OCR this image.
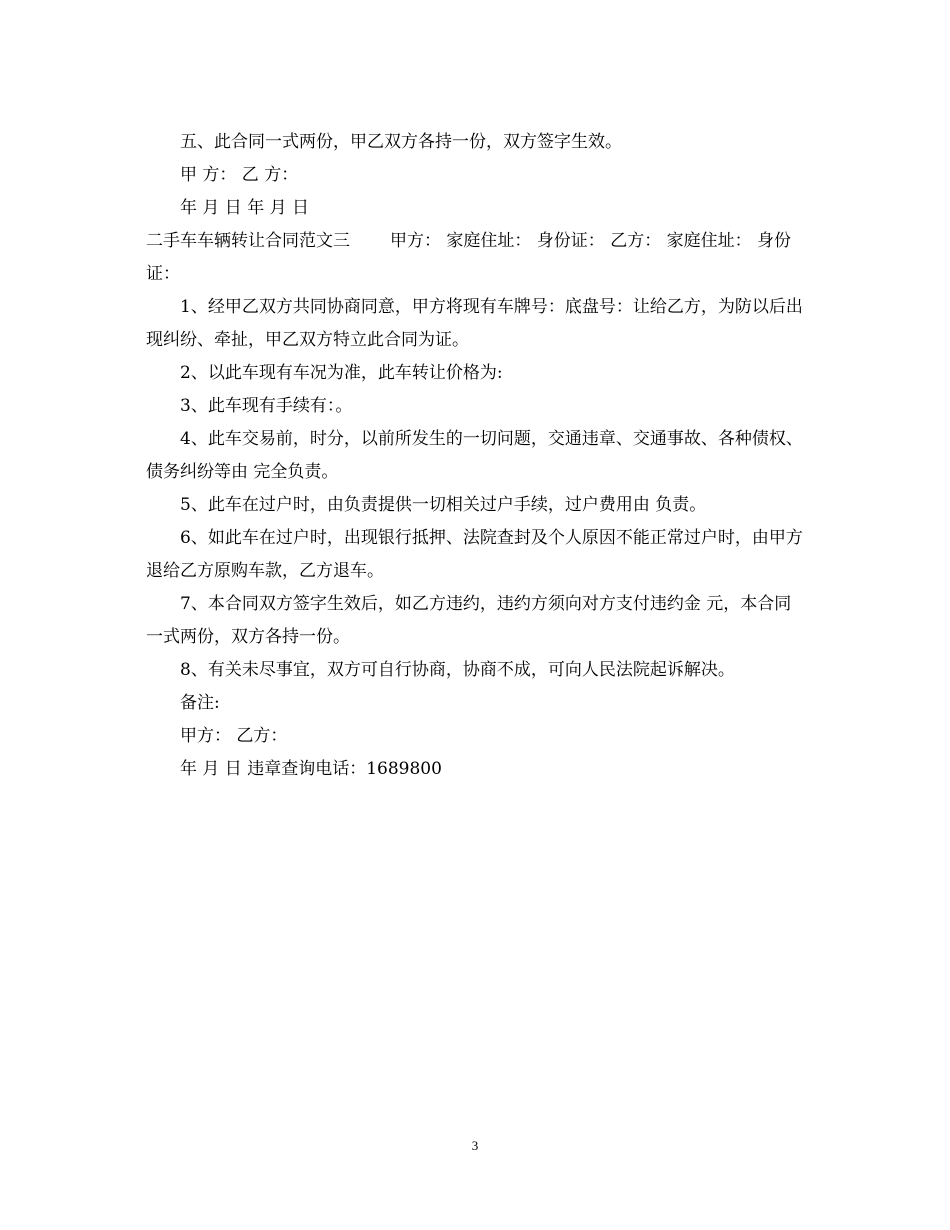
五、此合同一式两份，甲乙双方各持一份，双方签字生效。

甲 方： 乙 方：

年 月 日 年 月 日

二手车车辆转让合同范文三 甲方： 家庭住址： 身份证： 乙方： 家庭住址： 身份证：

1、经甲乙双方共同协商同意，甲方将现有车牌号：底盘号：让给乙方，为防以后出现纠纷、牵扯，甲乙双方特立此合同为证。

2、以此车现有车况为准，此车转让价格为:

3、此车现有手续有：。

4、此车交易前，时分，以前所发生的一切问题，交通违章、交通事故、各种债权、债务纠纷等由 完全负责。

5、此车在过户时，由负责提供一切相关过户手续，过户费用由 负责。

6、如此车在过户时，出现银行抵押、法院查封及个人原因不能正常过户时，由甲方退给乙方原购车款，乙方退车。

7、本合同双方签字生效后，如乙方违约，违约方须向对方支付违约金 元，本合同一式两份，双方各持一份。

8、有关未尽事宜，双方可自行协商，协商不成，可向人民法院起诉解决。

备注:

甲方： 乙方：

年 月 日 违章查询电话：1689800

3
